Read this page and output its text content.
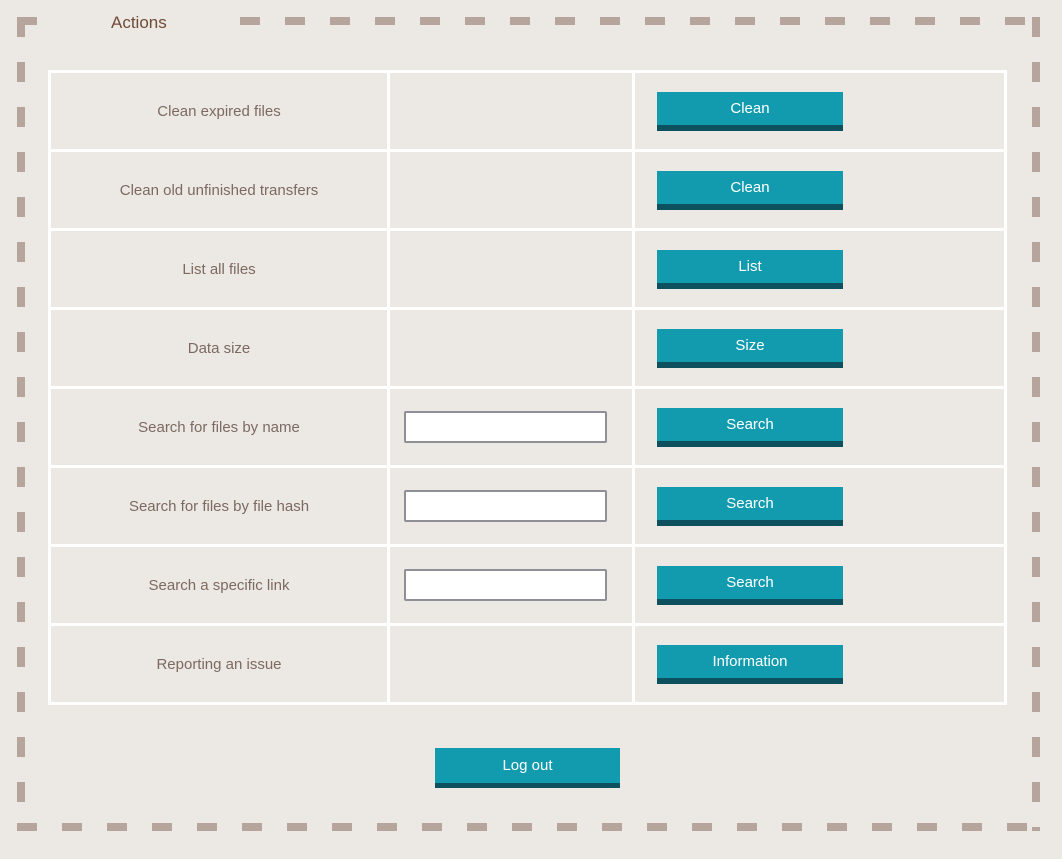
Actions
Clean expired files	Clean
Clean old unfinished transfers	Clean
List all files	List
Data size	Size
Search for files by name	Search
Search for files by file hash	Search
Search a specific link	Search
Reporting an issue	Information
Log out
